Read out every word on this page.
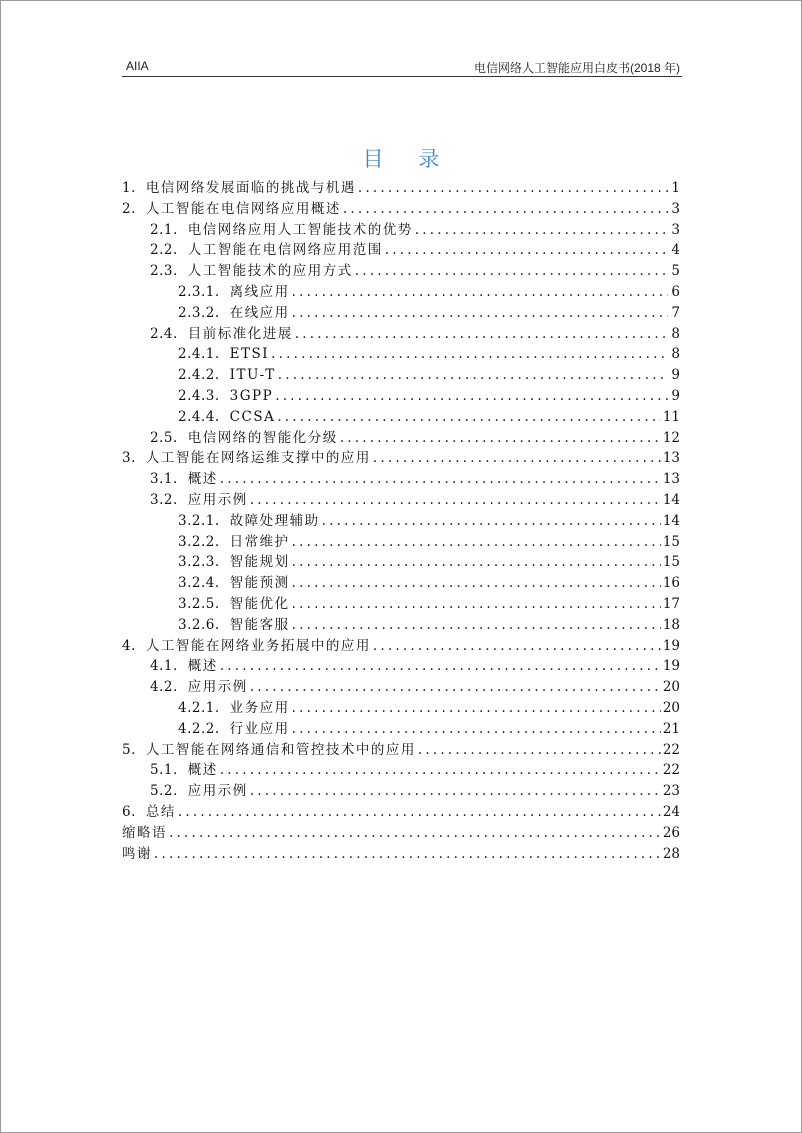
AIIA	电信网络人工智能应用白皮书(2018 年)
目 录
1. 电信网络发展面临的挑战与机遇 .....	1
2. 人工智能在电信网络应用概述 .....	3
2.1. 电信网络应用人工智能技术的优势 .....	3
2.2. 人工智能在电信网络应用范围 .....	4
2.3. 人工智能技术的应用方式 .....	5
2.3.1. 离线应用 .....	6
2.3.2. 在线应用 .....	7
2.4. 目前标准化进展 .....	8
2.4.1. ETSI .....	8
2.4.2. ITU-T .....	9
2.4.3. 3GPP .....	9
2.4.4. CCSA .....	11
2.5. 电信网络的智能化分级 .....	12
3. 人工智能在网络运维支撑中的应用 .....	13
3.1. 概述 .....	13
3.2. 应用示例 .....	14
3.2.1. 故障处理辅助 .....	14
3.2.2. 日常维护 .....	15
3.2.3. 智能规划 .....	15
3.2.4. 智能预测 .....	16
3.2.5. 智能优化 .....	17
3.2.6. 智能客服 .....	18
4. 人工智能在网络业务拓展中的应用 .....	19
4.1. 概述 .....	19
4.2. 应用示例 .....	20
4.2.1. 业务应用 .....	20
4.2.2. 行业应用 .....	21
5. 人工智能在网络通信和管控技术中的应用 .....	22
5.1. 概述 .....	22
5.2. 应用示例 .....	23
6. 总结 .....	24
缩略语 .....	26
鸣谢 .....	28
